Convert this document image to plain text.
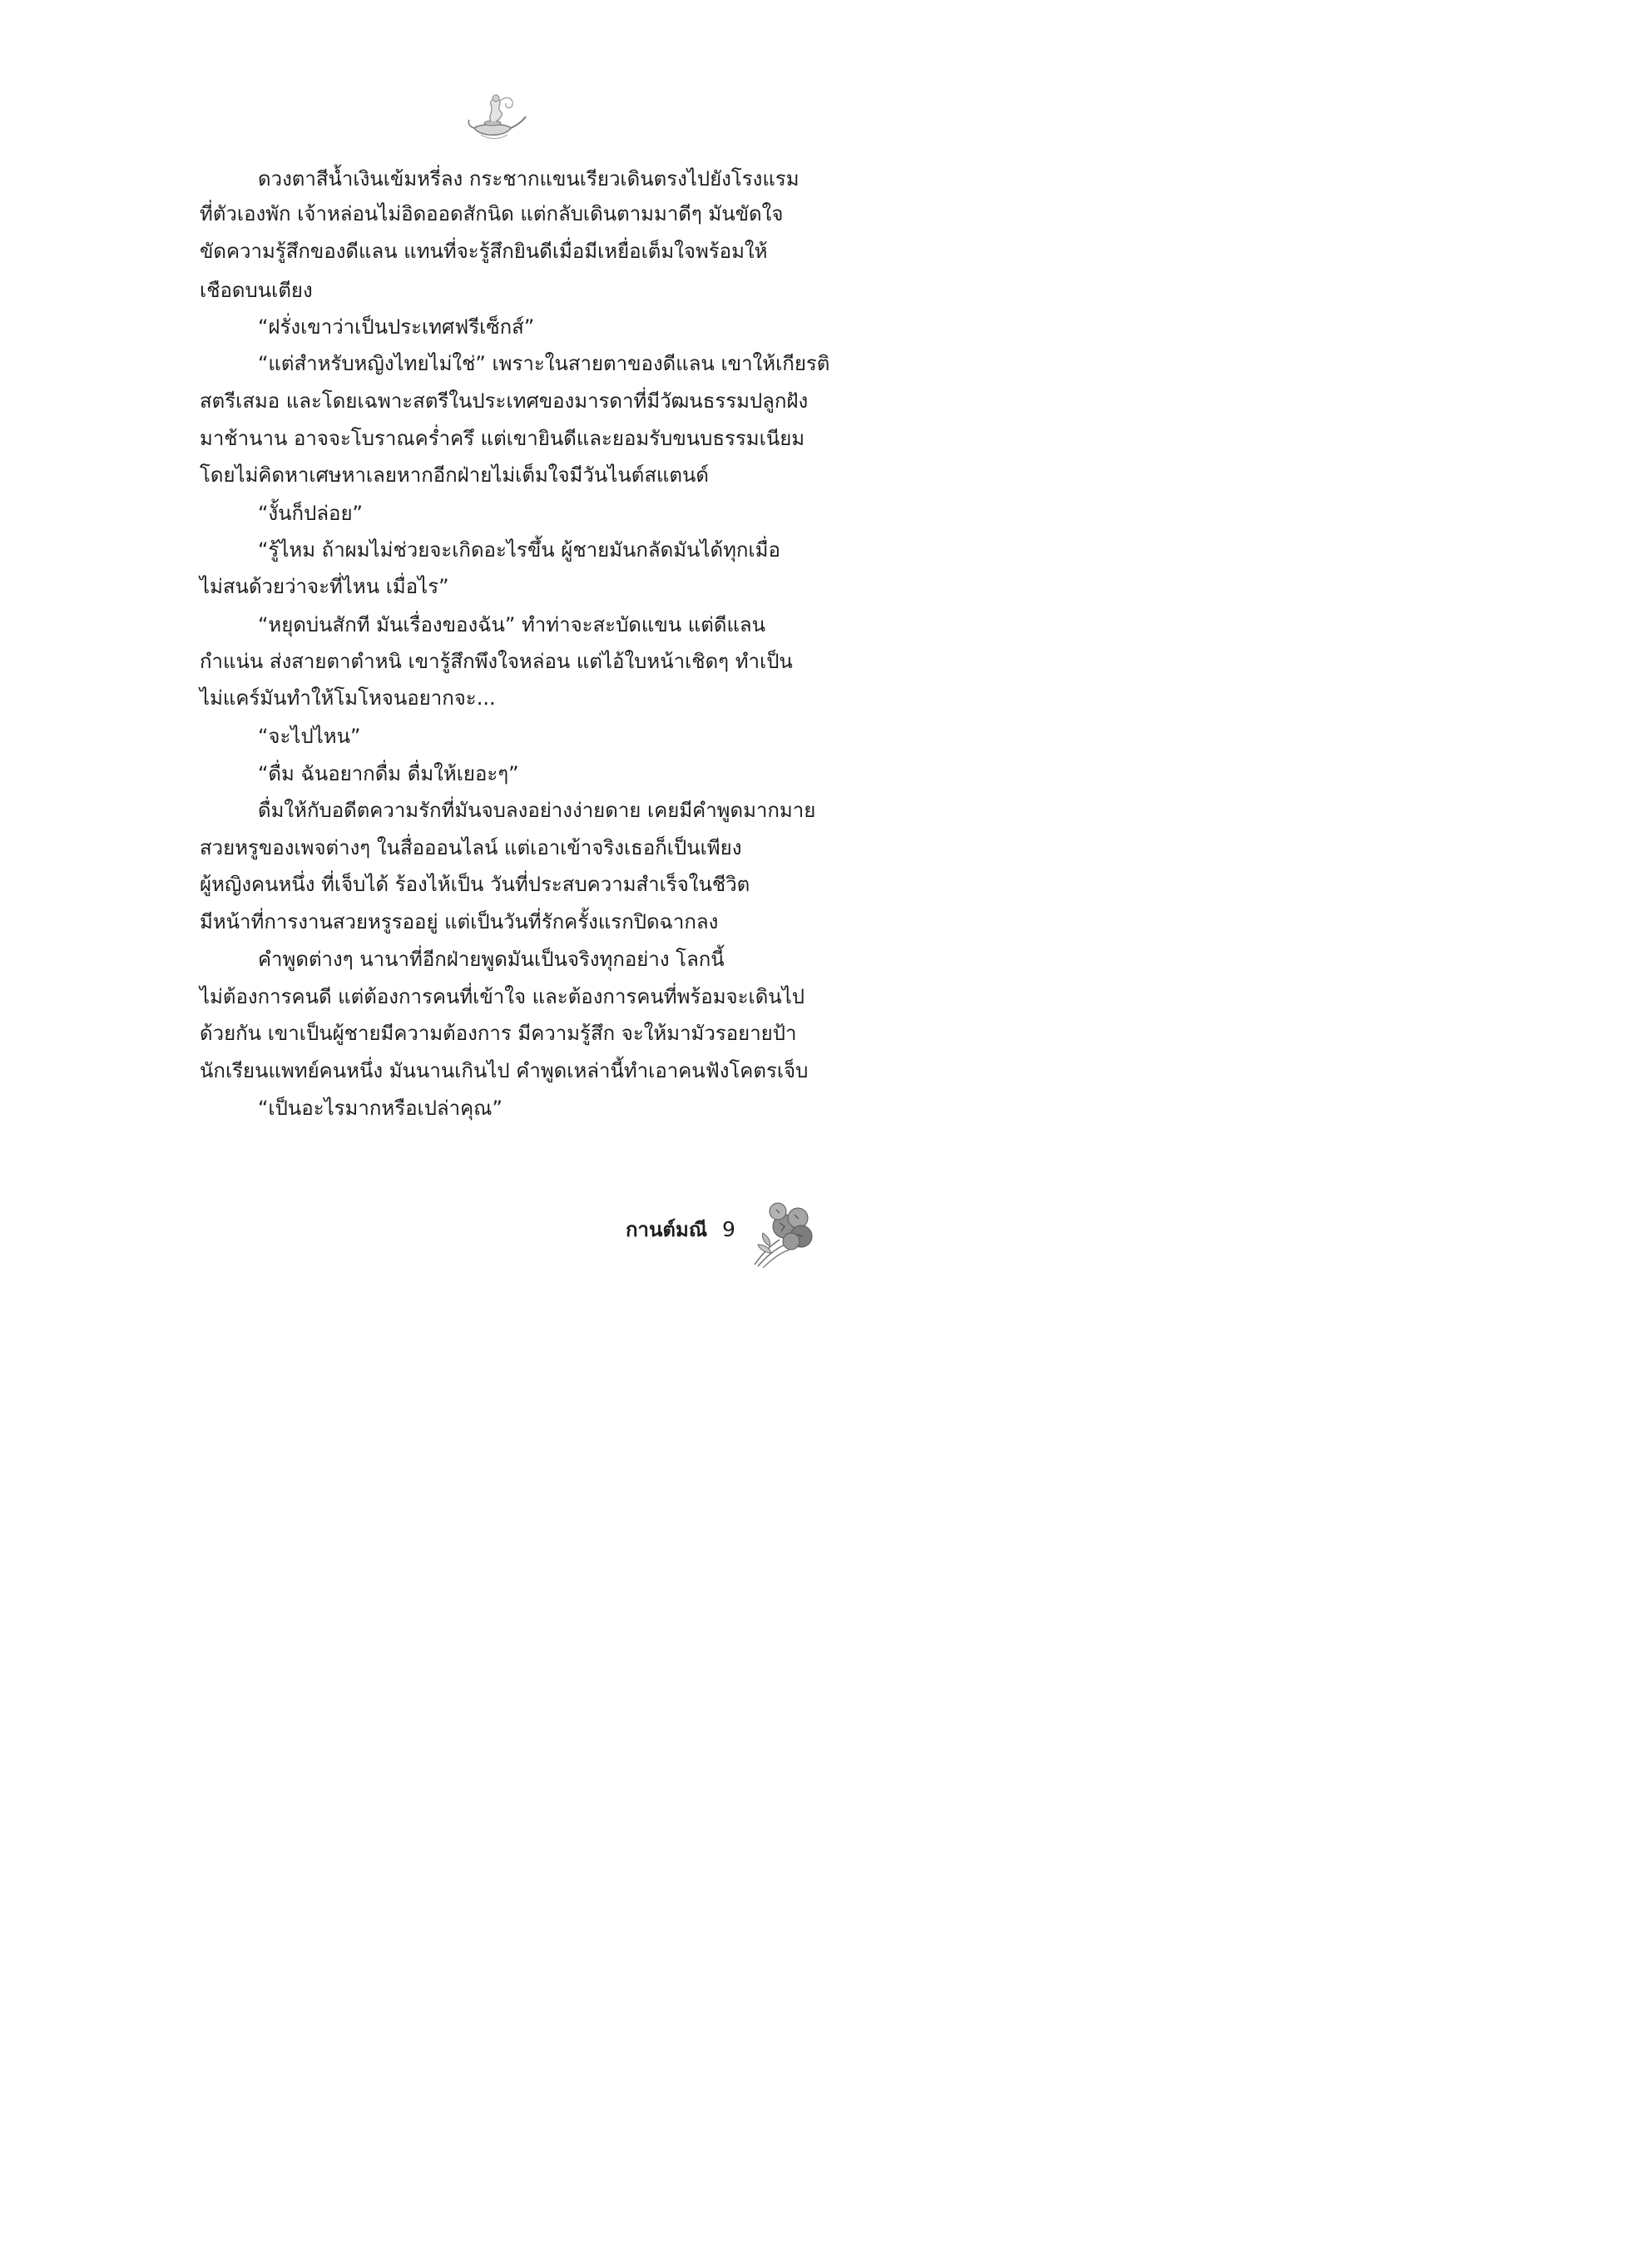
ดวงตาสีน้ำเงินเข้มหรี่ลง กระชากแขนเรียวเดินตรงไปยังโรงแรม
ที่ตัวเองพัก เจ้าหล่อนไม่อิดออดสักนิด แต่กลับเดินตามมาดีๆ มันขัดใจ
ขัดความรู้สึกของดีแลน แทนที่จะรู้สึกยินดีเมื่อมีเหยื่อเต็มใจพร้อมให้
เชือดบนเตียง
“ฝรั่งเขาว่าเป็นประเทศฟรีเซ็กส์”
“แต่สำหรับหญิงไทยไม่ใช่” เพราะในสายตาของดีแลน เขาให้เกียรติ
สตรีเสมอ และโดยเฉพาะสตรีในประเทศของมารดาที่มีวัฒนธรรมปลูกฝัง
มาช้านาน อาจจะโบราณคร่ำครึ แต่เขายินดีและยอมรับขนบธรรมเนียม
โดยไม่คิดหาเศษหาเลยหากอีกฝ่ายไม่เต็มใจมีวันไนต์สแตนด์
“งั้นก็ปล่อย”
“รู้ไหม ถ้าผมไม่ช่วยจะเกิดอะไรขึ้น ผู้ชายมันกลัดมันได้ทุกเมื่อ
ไม่สนด้วยว่าจะที่ไหน เมื่อไร”
“หยุดบ่นสักที มันเรื่องของฉัน” ทำท่าจะสะบัดแขน แต่ดีแลน
กำแน่น ส่งสายตาตำหนิ เขารู้สึกพึงใจหล่อน แต่ไอ้ใบหน้าเชิดๆ ทำเป็น
ไม่แคร์มันทำให้โมโหจนอยากจะ...
“จะไปไหน”
“ดื่ม ฉันอยากดื่ม ดื่มให้เยอะๆ”
ดื่มให้กับอดีตความรักที่มันจบลงอย่างง่ายดาย เคยมีคำพูดมากมาย
สวยหรูของเพจต่างๆ ในสื่อออนไลน์ แต่เอาเข้าจริงเธอก็เป็นเพียง
ผู้หญิงคนหนึ่ง ที่เจ็บได้ ร้องไห้เป็น วันที่ประสบความสำเร็จในชีวิต
มีหน้าที่การงานสวยหรูรออยู่ แต่เป็นวันที่รักครั้งแรกปิดฉากลง
คำพูดต่างๆ นานาที่อีกฝ่ายพูดมันเป็นจริงทุกอย่าง โลกนี้
ไม่ต้องการคนดี แต่ต้องการคนที่เข้าใจ และต้องการคนที่พร้อมจะเดินไป
ด้วยกัน เขาเป็นผู้ชายมีความต้องการ มีความรู้สึก จะให้มามัวรอยายป้า
นักเรียนแพทย์คนหนึ่ง มันนานเกินไป คำพูดเหล่านี้ทำเอาคนฟังโคตรเจ็บ
“เป็นอะไรมากหรือเปล่าคุณ”
กานต์มณี 9
